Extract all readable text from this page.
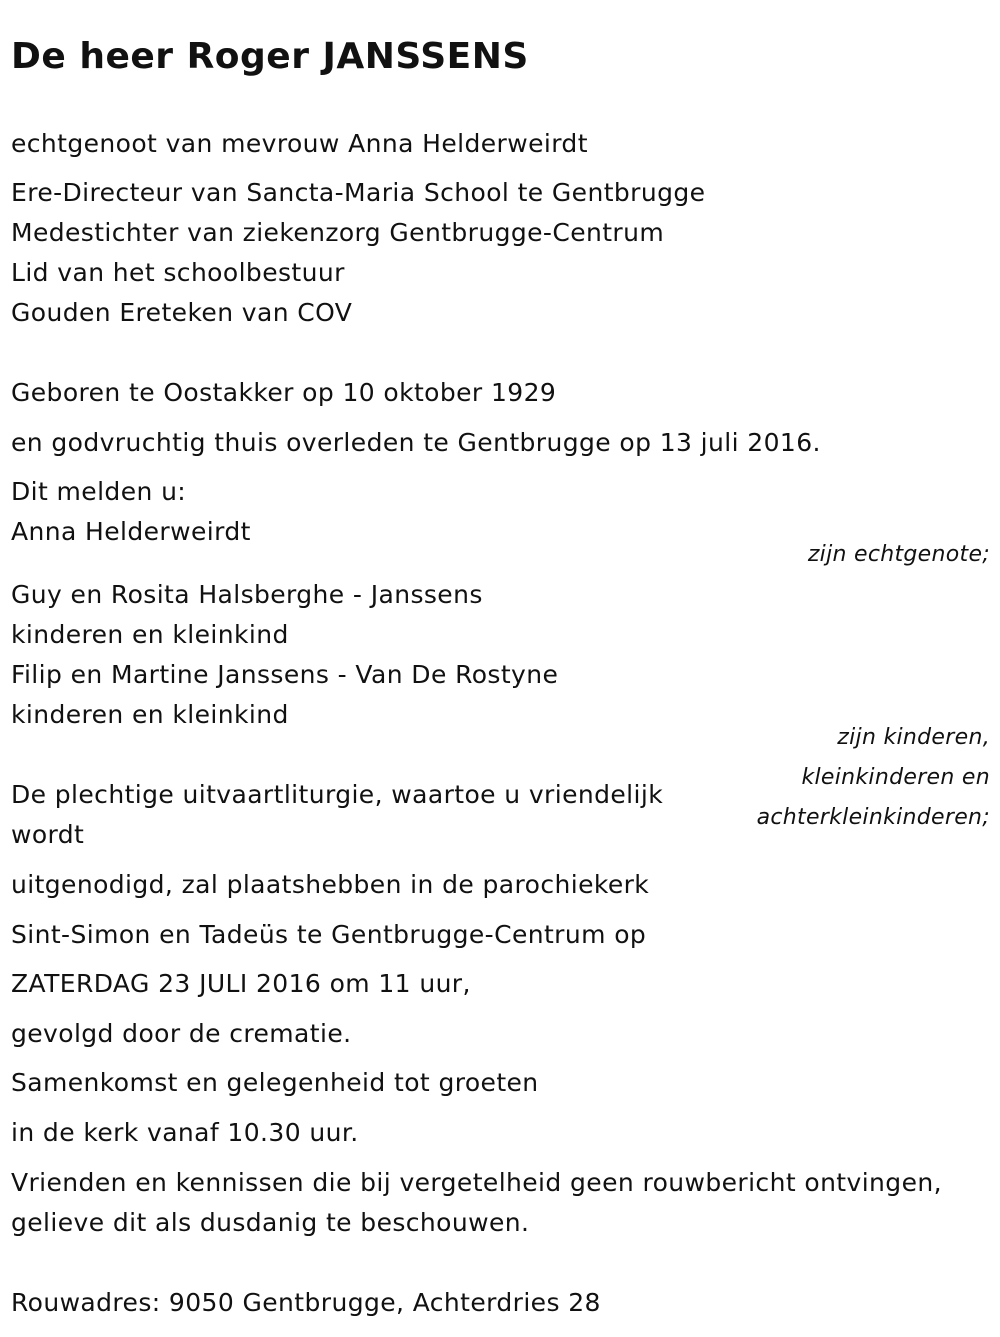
De heer Roger JANSSENS
echtgenoot van mevrouw Anna Helderweirdt
Ere-Directeur van Sancta-Maria School te Gentbrugge
Medestichter van ziekenzorg Gentbrugge-Centrum
Lid van het schoolbestuur
Gouden Ereteken van COV
Geboren te Oostakker op 10 oktober 1929
en godvruchtig thuis overleden te Gentbrugge op 13 juli 2016.
Dit melden u:
Anna Helderweirdt
zijn echtgenote;
Guy en Rosita Halsberghe - Janssens
kinderen en kleinkind
Filip en Martine Janssens - Van De Rostyne
kinderen en kleinkind
zijn kinderen,
kleinkinderen en
achterkleinkinderen;
De plechtige uitvaartliturgie, waartoe u vriendelijk
wordt
uitgenodigd, zal plaatshebben in de parochiekerk
Sint-Simon en Tadeüs te Gentbrugge-Centrum op
ZATERDAG 23 JULI 2016 om 11 uur,
gevolgd door de crematie.
Samenkomst en gelegenheid tot groeten
in de kerk vanaf 10.30 uur.
Vrienden en kennissen die bij vergetelheid geen rouwbericht ontvingen,
gelieve dit als dusdanig te beschouwen.
Rouwadres: 9050 Gentbrugge, Achterdries 28
